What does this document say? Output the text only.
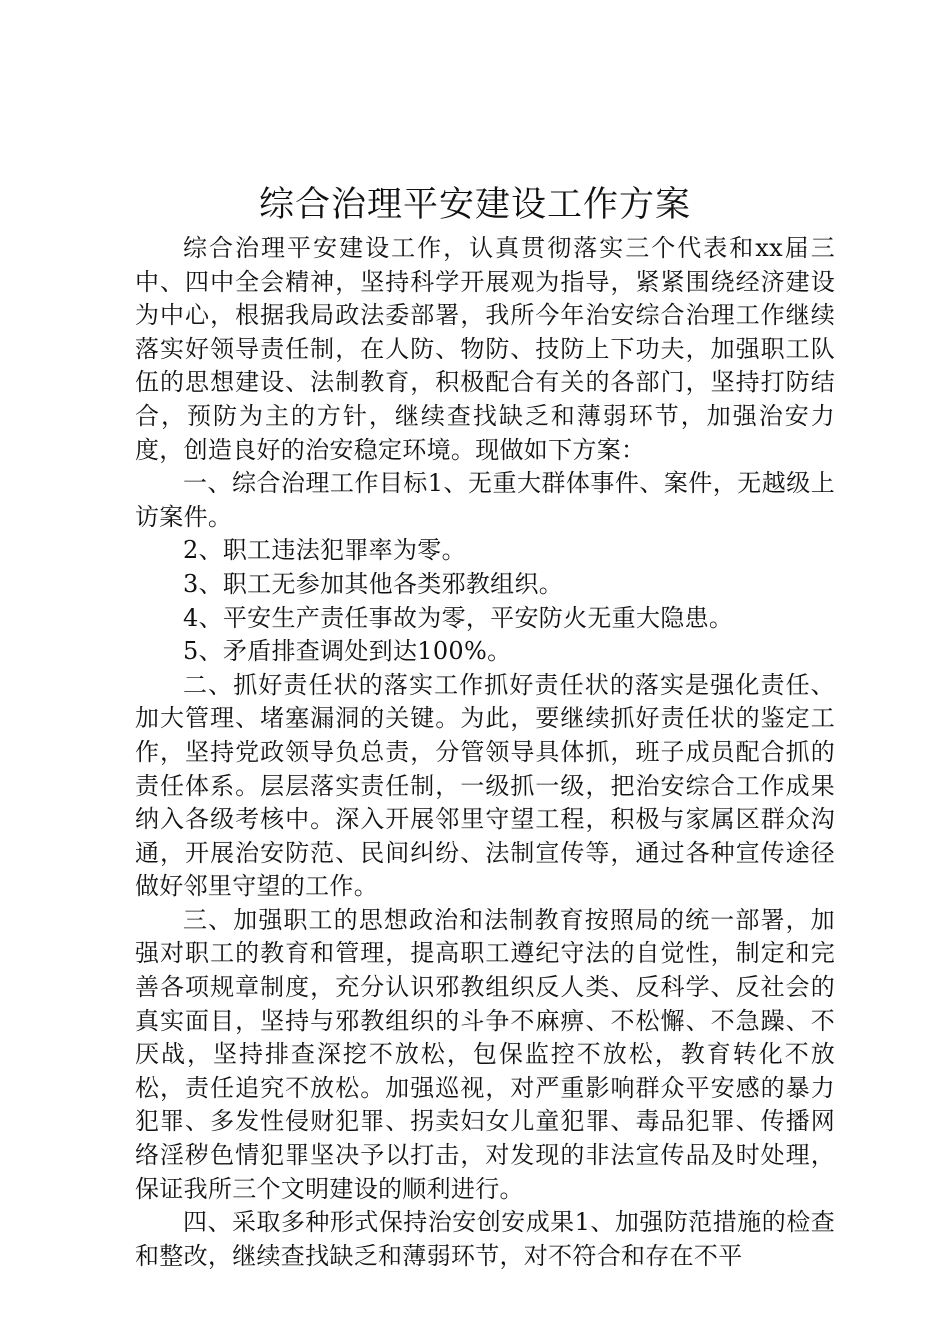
综合治理平安建设工作方案

综合治理平安建设工作，认真贯彻落实三个代表和xx届三中、四中全会精神，坚持科学开展观为指导，紧紧围绕经济建设为中心，根据我局政法委部署，我所今年治安综合治理工作继续落实好领导责任制，在人防、物防、技防上下功夫，加强职工队伍的思想建设、法制教育，积极配合有关的各部门，坚持打防结合，预防为主的方针，继续查找缺乏和薄弱环节，加强治安力度，创造良好的治安稳定环境。现做如下方案：

一、综合治理工作目标1、无重大群体事件、案件，无越级上访案件。

2、职工违法犯罪率为零。

3、职工无参加其他各类邪教组织。

4、平安生产责任事故为零，平安防火无重大隐患。

5、矛盾排查调处到达100%。

二、抓好责任状的落实工作抓好责任状的落实是强化责任、加大管理、堵塞漏洞的关键。为此，要继续抓好责任状的鉴定工作，坚持党政领导负总责，分管领导具体抓，班子成员配合抓的责任体系。层层落实责任制，一级抓一级，把治安综合工作成果纳入各级考核中。深入开展邻里守望工程，积极与家属区群众沟通，开展治安防范、民间纠纷、法制宣传等，通过各种宣传途径做好邻里守望的工作。

三、加强职工的思想政治和法制教育按照局的统一部署，加强对职工的教育和管理，提高职工遵纪守法的自觉性，制定和完善各项规章制度，充分认识邪教组织反人类、反科学、反社会的真实面目，坚持与邪教组织的斗争不麻痹、不松懈、不急躁、不厌战，坚持排查深挖不放松，包保监控不放松，教育转化不放松，责任追究不放松。加强巡视，对严重影响群众平安感的暴力犯罪、多发性侵财犯罪、拐卖妇女儿童犯罪、毒品犯罪、传播网络淫秽色情犯罪坚决予以打击，对发现的非法宣传品及时处理，保证我所三个文明建设的顺利进行。

四、采取多种形式保持治安创安成果1、加强防范措施的检查和整改，继续查找缺乏和薄弱环节，对不符合和存在不平
